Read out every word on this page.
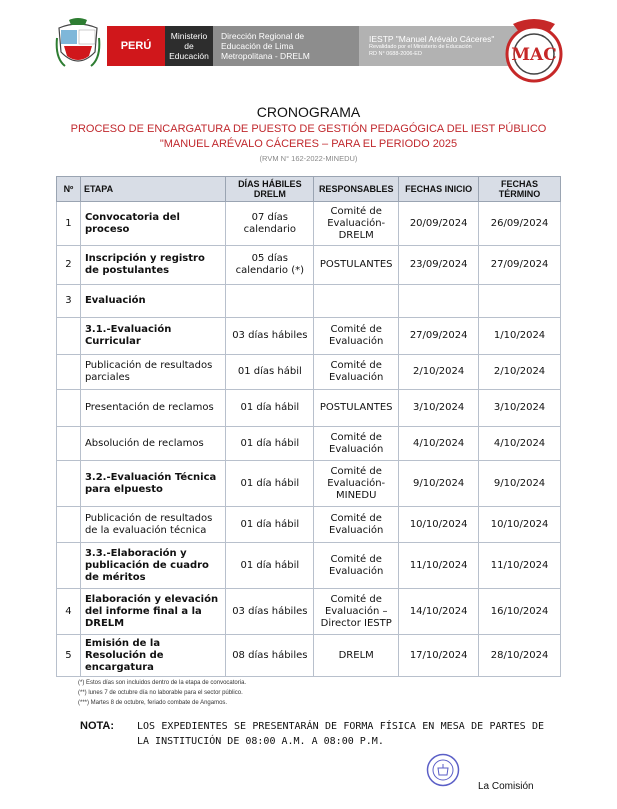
PERÚ
Ministerio
de
Educación
Dirección Regional de
Educación de Lima
Metropolitana - DRELM
IESTP "Manuel Arévalo Cáceres"
Revalidado por el Ministerio de Educación
RD N° 0688-2006-ED	MAC
CRONOGRAMA
PROCESO DE ENCARGATURA DE PUESTO DE GESTIÓN PEDAGÓGICA DEL IEST PÚBLICO
"MANUEL ARÉVALO CÁCERES – PARA EL PERIODO 2025
(RVM N° 162-2022-MINEDU)
Nº	ETAPA	DÍAS HÁBILES DRELM	RESPONSABLES	FECHAS INICIO	FECHAS TÉRMINO
1	Convocatoria del proceso	07 días calendario	Comité de Evaluación- DRELM	20/09/2024	26/09/2024
2	Inscripción y registro de postulantes	05 días calendario (*)	POSTULANTES	23/09/2024	27/09/2024
3	Evaluación				
	3.1.-Evaluación Curricular	03 días hábiles	Comité de Evaluación	27/09/2024	1/10/2024
	Publicación de resultados parciales	01 días hábil	Comité de Evaluación	2/10/2024	2/10/2024
	Presentación de reclamos	01 día hábil	POSTULANTES	3/10/2024	3/10/2024
	Absolución de reclamos	01 día hábil	Comité de Evaluación	4/10/2024	4/10/2024
	3.2.-Evaluación Técnica para elpuesto	01 día hábil	Comité de Evaluación- MINEDU	9/10/2024	9/10/2024
	Publicación de resultados de la evaluación técnica	01 día hábil	Comité de Evaluación	10/10/2024	10/10/2024
	3.3.-Elaboración y publicación de cuadro de méritos	01 día hábil	Comité de Evaluación	11/10/2024	11/10/2024
4	Elaboración y elevación del informe final a la DRELM	03 días hábiles	Comité de Evaluación – Director IESTP	14/10/2024	16/10/2024
5	Emisión de la Resolución de encargatura	08 días hábiles	DRELM	17/10/2024	28/10/2024
(*) Estos días son incluidos dentro de la etapa de convocatoria.
(**) lunes 7 de octubre día no laborable para el sector público.
(***) Martes 8 de octubre, feriado combate de Angamos.
NOTA: LOS EXPEDIENTES SE PRESENTARÁN DE FORMA FÍSICA EN MESA DE PARTES DE LA INSTITUCIÓN DE 08:00 A.M. A 08:00 P.M.
La Comisión
